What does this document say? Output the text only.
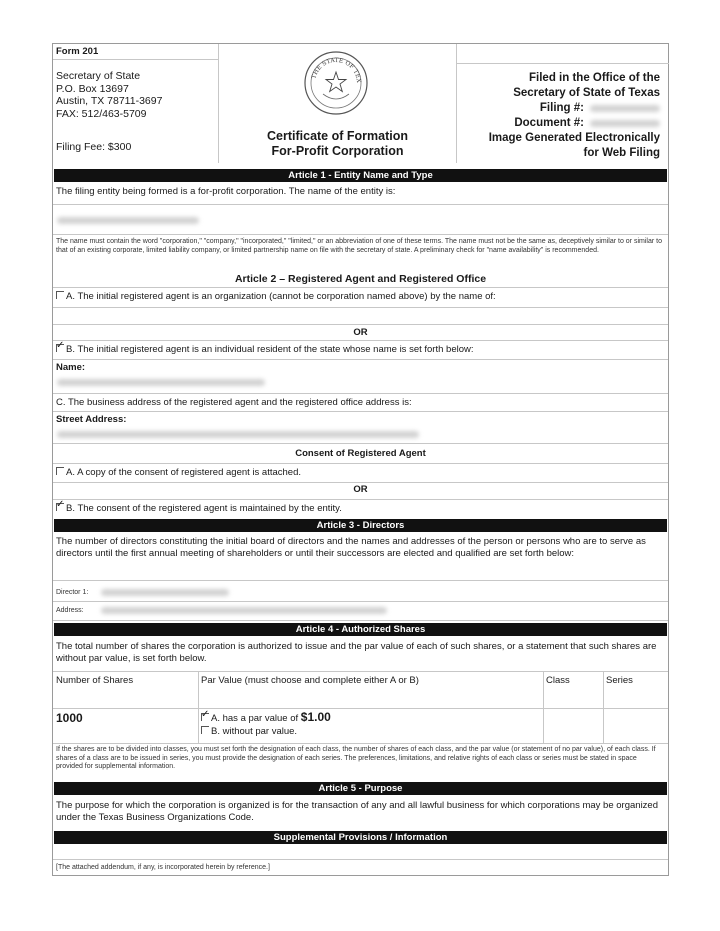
Form 201
Secretary of State
P.O. Box 13697
Austin, TX 78711-3697
FAX: 512/463-5709
Filing Fee: $300
THE STATE OF TEX
Certificate of Formation
For-Profit Corporation
Filed in the Office of the
Secretary of State of Texas
Filing #:
Document #:
Image Generated Electronically
for Web Filing
Article 1 - Entity Name and Type
The filing entity being formed is a for-profit corporation. The name of the entity is:
The name must contain the word "corporation," "company," "incorporated," "limited," or an abbreviation of one of these terms. The name must not be the same as, deceptively similar to or similar to that of an existing corporate, limited liability company, or limited partnership name on file with the secretary of state. A preliminary check for "name availability" is recommended.
Article 2 – Registered Agent and Registered Office
A. The initial registered agent is an organization (cannot be corporation named above) by the name of:
OR
✓B. The initial registered agent is an individual resident of the state whose name is set forth below:
Name:
C. The business address of the registered agent and the registered office address is:
Street Address:
Consent of Registered Agent
A. A copy of the consent of registered agent is attached.
OR
✓B. The consent of the registered agent is maintained by the entity.
Article 3 - Directors
The number of directors constituting the initial board of directors and the names and addresses of the person or persons who are to serve as directors until the first annual meeting of shareholders or until their successors are elected and qualified are set forth below:
Director 1:
Address:
Article 4 - Authorized Shares
The total number of shares the corporation is authorized to issue and the par value of each of such shares, or a statement that such shares are without par value, is set forth below.
Number of Shares	Par Value (must choose and complete either A or B)	Class	Series
1000
✓	A. has a par value of $1.00
B. without par value.
If the shares are to be divided into classes, you must set forth the designation of each class, the number of shares of each class, and the par value (or statement of no par value), of each class. If shares of a class are to be issued in series, you must provide the designation of each series. The preferences, limitations, and relative rights of each class or series must be stated in space provided for supplemental information.
Article 5 - Purpose
The purpose for which the corporation is organized is for the transaction of any and all lawful business for which corporations may be organized under the Texas Business Organizations Code.
Supplemental Provisions / Information
[The attached addendum, if any, is incorporated herein by reference.]
